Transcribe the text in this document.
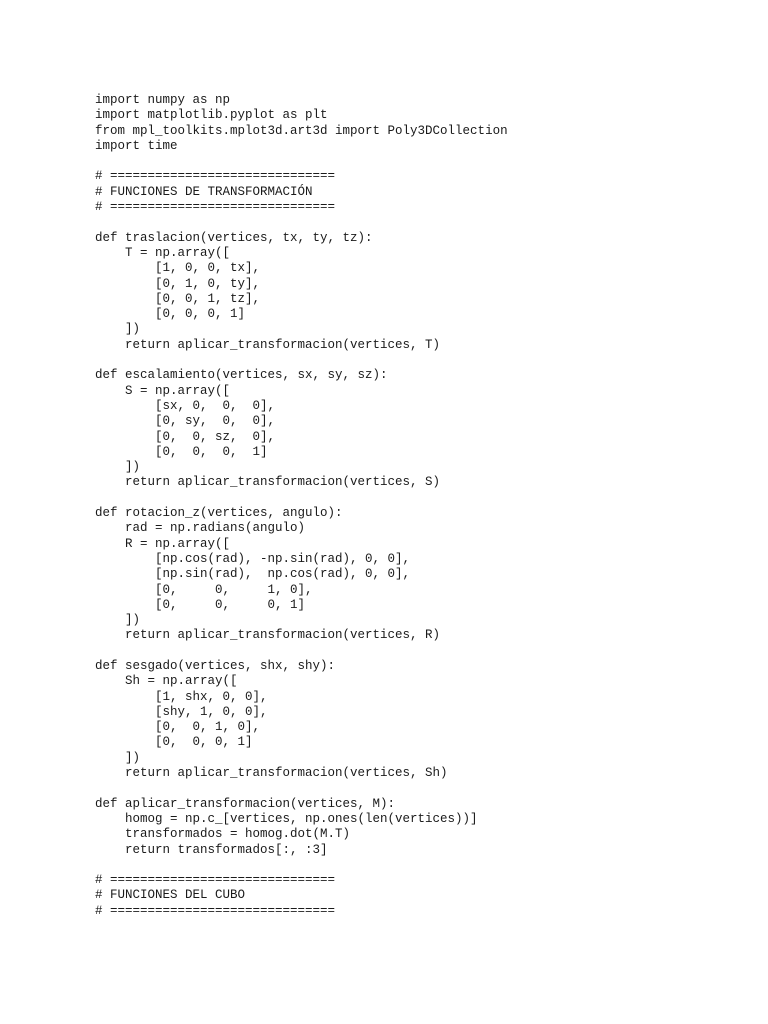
import numpy as np
import matplotlib.pyplot as plt
from mpl_toolkits.mplot3d.art3d import Poly3DCollection
import time
# ==============================
# FUNCIONES DE TRANSFORMACIÓN
# ==============================
def traslacion(vertices, tx, ty, tz):
T = np.array([
[1, 0, 0, tx],
[0, 1, 0, ty],
[0, 0, 1, tz],
[0, 0, 0, 1]
])
return aplicar_transformacion(vertices, T)
def escalamiento(vertices, sx, sy, sz):
S = np.array([
[sx, 0,  0,  0],
[0, sy,  0,  0],
[0,  0, sz,  0],
[0,  0,  0,  1]
])
return aplicar_transformacion(vertices, S)
def rotacion_z(vertices, angulo):
rad = np.radians(angulo)
R = np.array([
[np.cos(rad), -np.sin(rad), 0, 0],
[np.sin(rad),  np.cos(rad), 0, 0],
[0,     0,     1, 0],
[0,     0,     0, 1]
])
return aplicar_transformacion(vertices, R)
def sesgado(vertices, shx, shy):
Sh = np.array([
[1, shx, 0, 0],
[shy, 1, 0, 0],
[0,  0, 1, 0],
[0,  0, 0, 1]
])
return aplicar_transformacion(vertices, Sh)
def aplicar_transformacion(vertices, M):
homog = np.c_[vertices, np.ones(len(vertices))]
transformados = homog.dot(M.T)
return transformados[:, :3]
# ==============================
# FUNCIONES DEL CUBO
# ==============================
